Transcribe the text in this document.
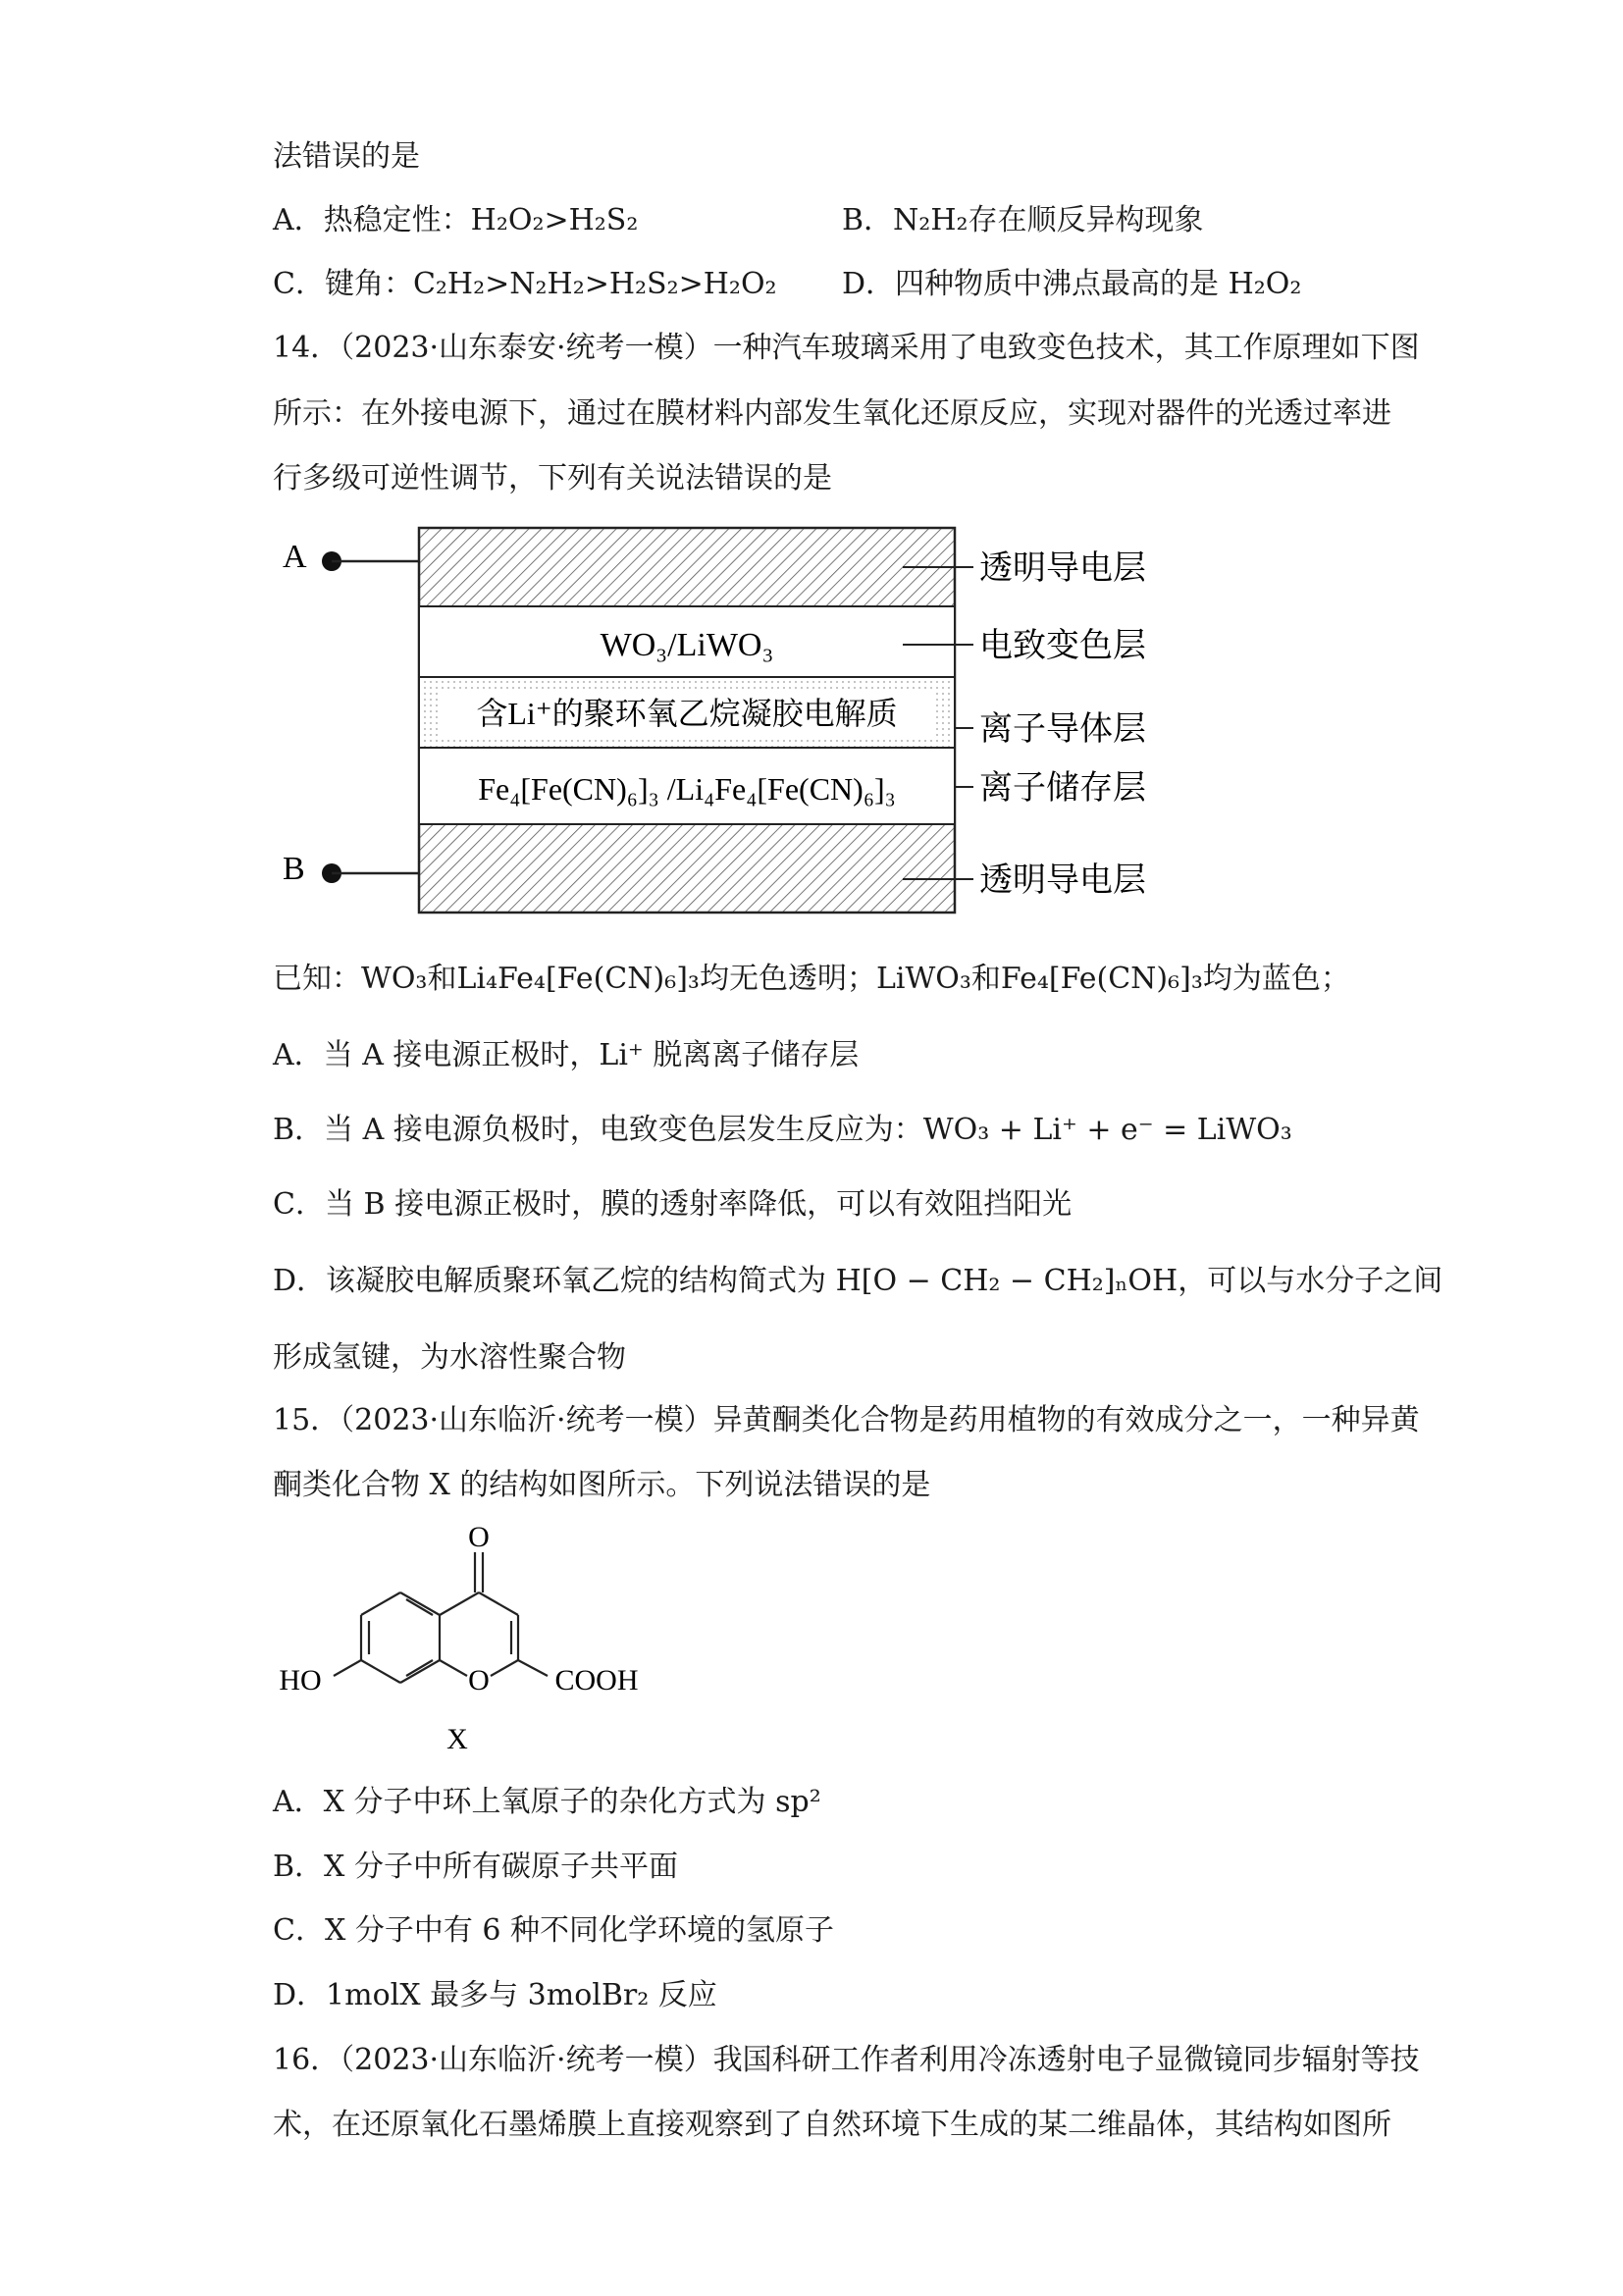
法错误的是
A．热稳定性：H₂O₂>H₂S₂	B．N₂H₂存在顺反异构现象
C．键角：C₂H₂>N₂H₂>H₂S₂>H₂O₂ D．四种物质中沸点最高的是 H₂O₂
14．（2023·山东泰安·统考一模）一种汽车玻璃采用了电致变色技术，其工作原理如下图
所示：在外接电源下，通过在膜材料内部发生氧化还原反应，实现对器件的光透过率进
行多级可逆性调节，下列有关说法错误的是
A
B
WO₃/LiWO₃
含Li⁺的聚环氧乙烷凝胶电解质
Fe₄[Fe(CN)₆]₃ /Li₄Fe₄[Fe(CN)₆]₃
透明导电层
电致变色层
离子导体层
离子储存层
透明导电层
已知：WO₃和Li₄Fe₄[Fe(CN)₆]₃均无色透明；LiWO₃和Fe₄[Fe(CN)₆]₃均为蓝色；
A．当 A 接电源正极时，Li⁺ 脱离离子储存层
B．当 A 接电源负极时，电致变色层发生反应为：WO₃ + Li⁺ + e⁻ = LiWO₃
C．当 B 接电源正极时，膜的透射率降低，可以有效阻挡阳光
D．该凝胶电解质聚环氧乙烷的结构简式为 H[O − CH₂ − CH₂]ₙOH，可以与水分子之间
形成氢键，为水溶性聚合物
15．（2023·山东临沂·统考一模）异黄酮类化合物是药用植物的有效成分之一，一种异黄
酮类化合物 X 的结构如图所示。下列说法错误的是
O
HO	O COOH
X
A．X 分子中环上氧原子的杂化方式为 sp²
B．X 分子中所有碳原子共平面
C．X 分子中有 6 种不同化学环境的氢原子
D．1molX 最多与 3molBr₂ 反应
16．（2023·山东临沂·统考一模）我国科研工作者利用冷冻透射电子显微镜同步辐射等技
术，在还原氧化石墨烯膜上直接观察到了自然环境下生成的某二维晶体，其结构如图所
